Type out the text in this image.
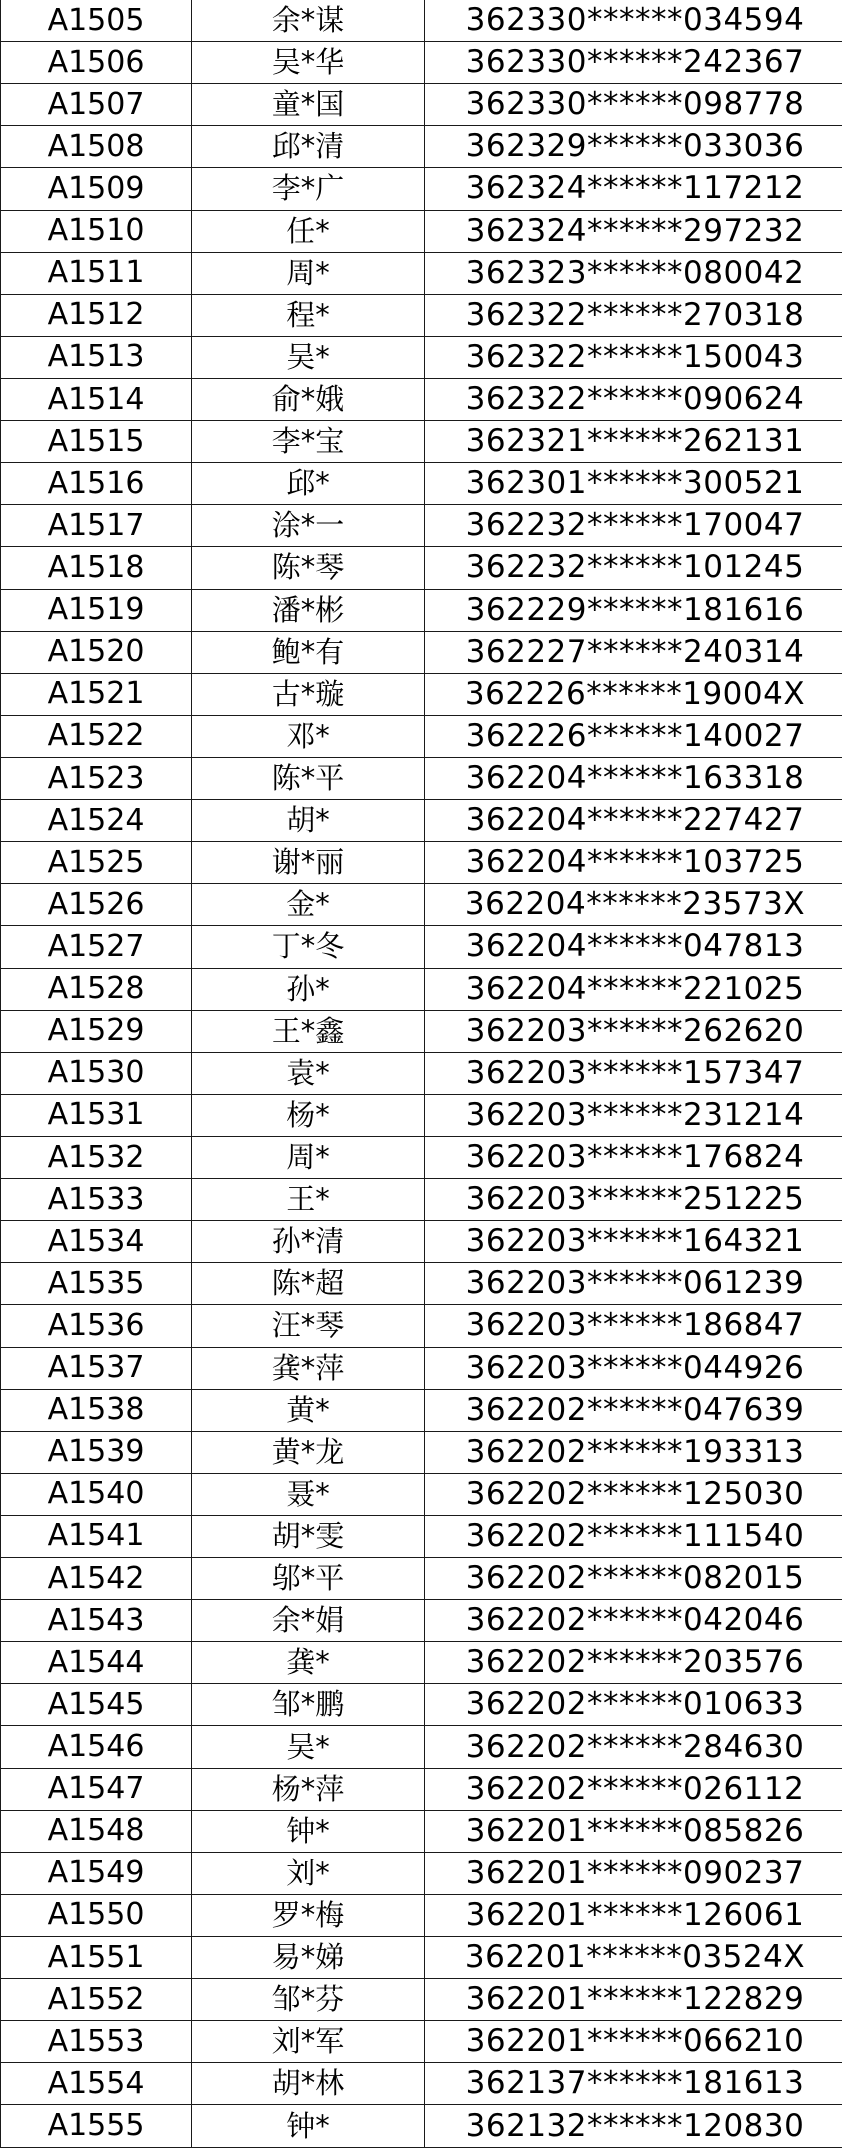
A1505	余*谋	362330******034594
A1506	吴*华	362330******242367
A1507	童*国	362330******098778
A1508	邱*清	362329******033036
A1509	李*广	362324******117212
A1510	任*	362324******297232
A1511	周*	362323******080042
A1512	程*	362322******270318
A1513	吴*	362322******150043
A1514	俞*娥	362322******090624
A1515	李*宝	362321******262131
A1516	邱*	362301******300521
A1517	涂*一	362232******170047
A1518	陈*琴	362232******101245
A1519	潘*彬	362229******181616
A1520	鲍*有	362227******240314
A1521	古*璇	362226******19004X
A1522	邓*	362226******140027
A1523	陈*平	362204******163318
A1524	胡*	362204******227427
A1525	谢*丽	362204******103725
A1526	金*	362204******23573X
A1527	丁*冬	362204******047813
A1528	孙*	362204******221025
A1529	王*鑫	362203******262620
A1530	袁*	362203******157347
A1531	杨*	362203******231214
A1532	周*	362203******176824
A1533	王*	362203******251225
A1534	孙*清	362203******164321
A1535	陈*超	362203******061239
A1536	汪*琴	362203******186847
A1537	龚*萍	362203******044926
A1538	黄*	362202******047639
A1539	黄*龙	362202******193313
A1540	聂*	362202******125030
A1541	胡*雯	362202******111540
A1542	邬*平	362202******082015
A1543	余*娟	362202******042046
A1544	龚*	362202******203576
A1545	邹*鹏	362202******010633
A1546	吴*	362202******284630
A1547	杨*萍	362202******026112
A1548	钟*	362201******085826
A1549	刘*	362201******090237
A1550	罗*梅	362201******126061
A1551	易*娣	362201******03524X
A1552	邹*芬	362201******122829
A1553	刘*军	362201******066210
A1554	胡*林	362137******181613
A1555	钟*	362132******120830
